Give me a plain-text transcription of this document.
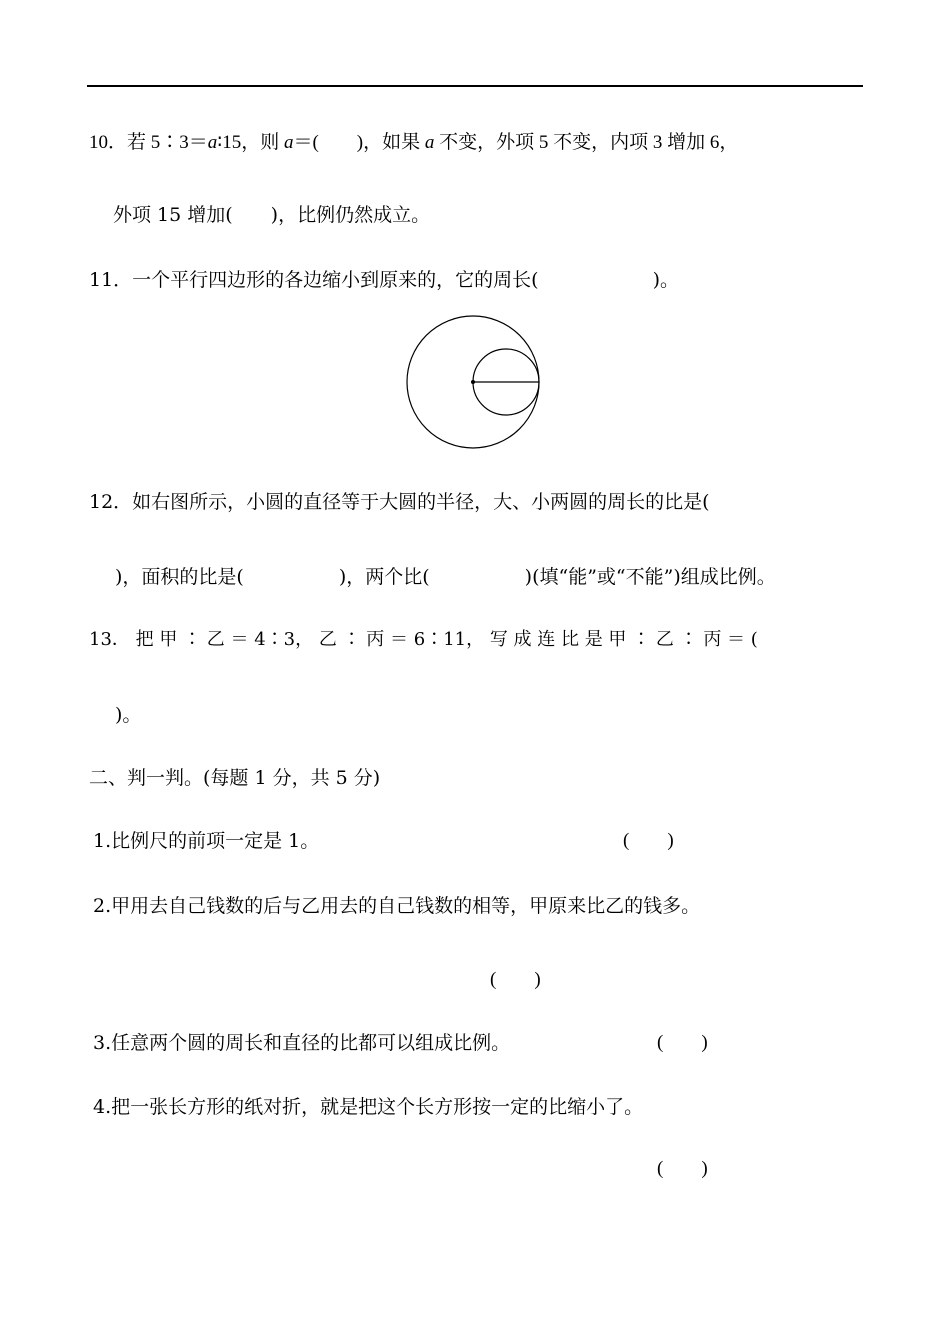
10．若 5∶3＝a∶15，则 a＝(　　)，如果 a 不变，外项 5 不变，内项 3 增加 6，
外项 15 增加(　　)，比例仍然成立。
11．一个平行四边形的各边缩小到原来的，它的周长(　　　　　　)。
12．如右图所示，小圆的直径等于大圆的半径，大、小两圆的周长的比是(
　)，面积的比是(　　　　　)，两个比(　　　　　)(填“能”或“不能”)组成比例。
13． 把 甲 ∶ 乙 ＝ 4∶3， 乙 ∶ 丙 ＝ 6∶11， 写 成 连 比 是 甲 ∶ 乙 ∶ 丙 ＝ (
　)。
二、判一判。(每题 1 分，共 5 分)
1.比例尺的前项一定是 1。	(　　)
2.甲用去自己钱数的后与乙用去的自己钱数的相等，甲原来比乙的钱多。
(　　)
3.任意两个圆的周长和直径的比都可以组成比例。	(　　)
4.把一张长方形的纸对折，就是把这个长方形按一定的比缩小了。
(　　)
